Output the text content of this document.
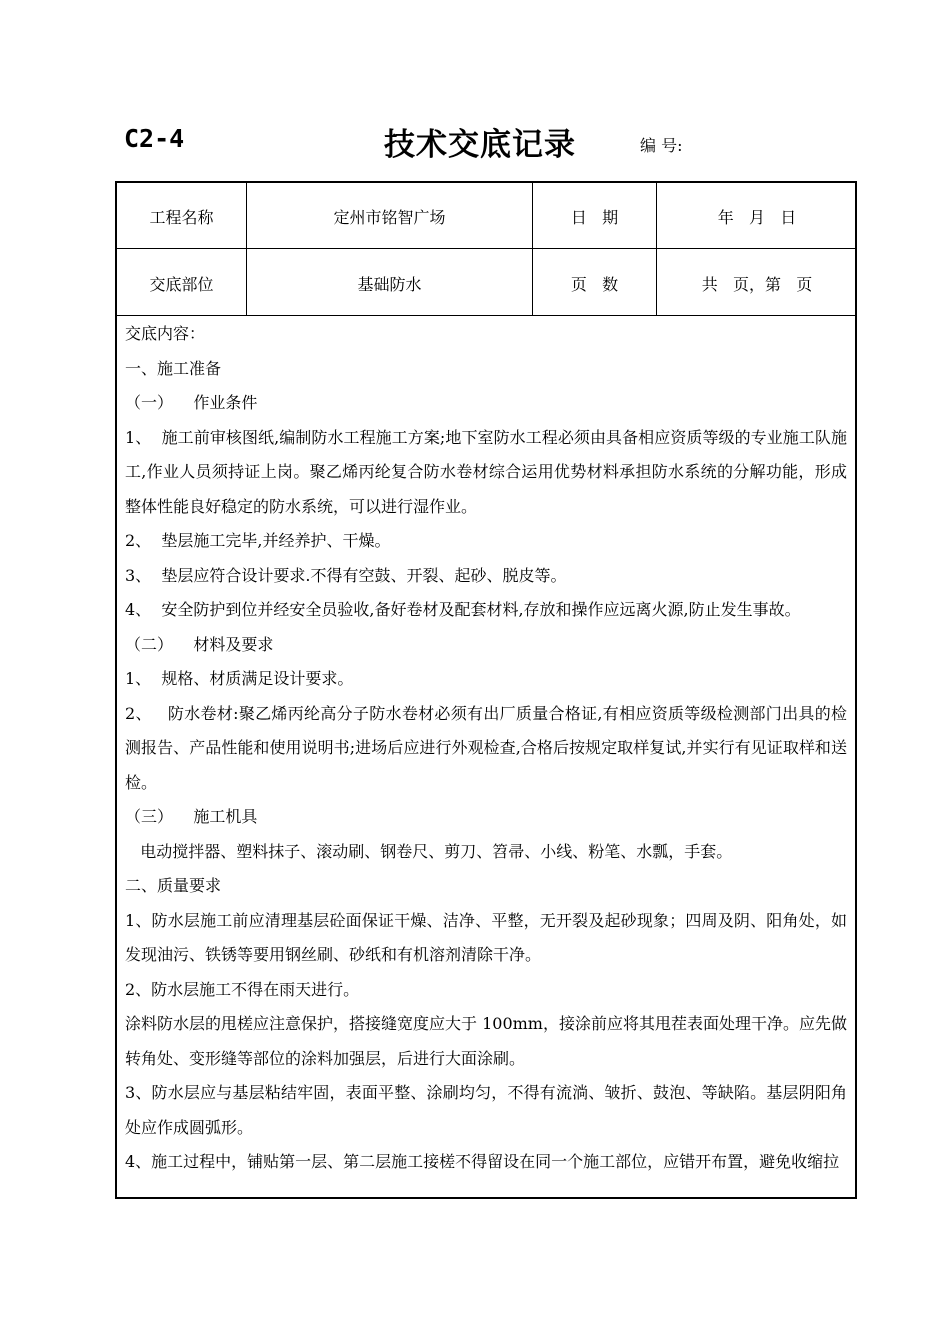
C2-4	技术交底记录	编 号:
工程名称	定州市铭智广场	日   期	年   月   日
交底部位	基础防水	页   数	共   页，第   页

交底内容：

一、施工准备

（一）    作业条件

1、  施工前审核图纸,编制防水工程施工方案;地下室防水工程必须由具备相应资质等级的专业施工队施工,作业人员须持证上岗。聚乙烯丙纶复合防水卷材综合运用优势材料承担防水系统的分解功能，形成整体性能良好稳定的防水系统，可以进行湿作业。

2、  垫层施工完毕,并经养护、干燥。

3、  垫层应符合设计要求.不得有空鼓、开裂、起砂、脱皮等。

4、  安全防护到位并经安全员验收,备好卷材及配套材料,存放和操作应远离火源,防止发生事故。

（二）    材料及要求

1、  规格、材质满足设计要求。

2、   防水卷材:聚乙烯丙纶高分子防水卷材必须有出厂质量合格证,有相应资质等级检测部门出具的检测报告、产品性能和使用说明书;进场后应进行外观检查,合格后按规定取样复试,并实行有见证取样和送检。

（三）    施工机具

电动搅拌器、塑料抹子、滚动刷、钢卷尺、剪刀、笤帚、小线、粉笔、水瓢，手套。

二、质量要求

1、防水层施工前应清理基层砼面保证干燥、洁净、平整，无开裂及起砂现象；四周及阴、阳角处，如发现油污、铁锈等要用钢丝刷、砂纸和有机溶剂清除干净。

2、防水层施工不得在雨天进行。

涂料防水层的甩槎应注意保护，搭接缝宽度应大于 100mm，接涂前应将其甩茬表面处理干净。应先做转角处、变形缝等部位的涂料加强层，后进行大面涂刷。

3、防水层应与基层粘结牢固，表面平整、涂刷均匀，不得有流淌、皱折、鼓泡、等缺陷。基层阴阳角处应作成圆弧形。

4、施工过程中，铺贴第一层、第二层施工接槎不得留设在同一个施工部位，应错开布置，避免收缩拉
